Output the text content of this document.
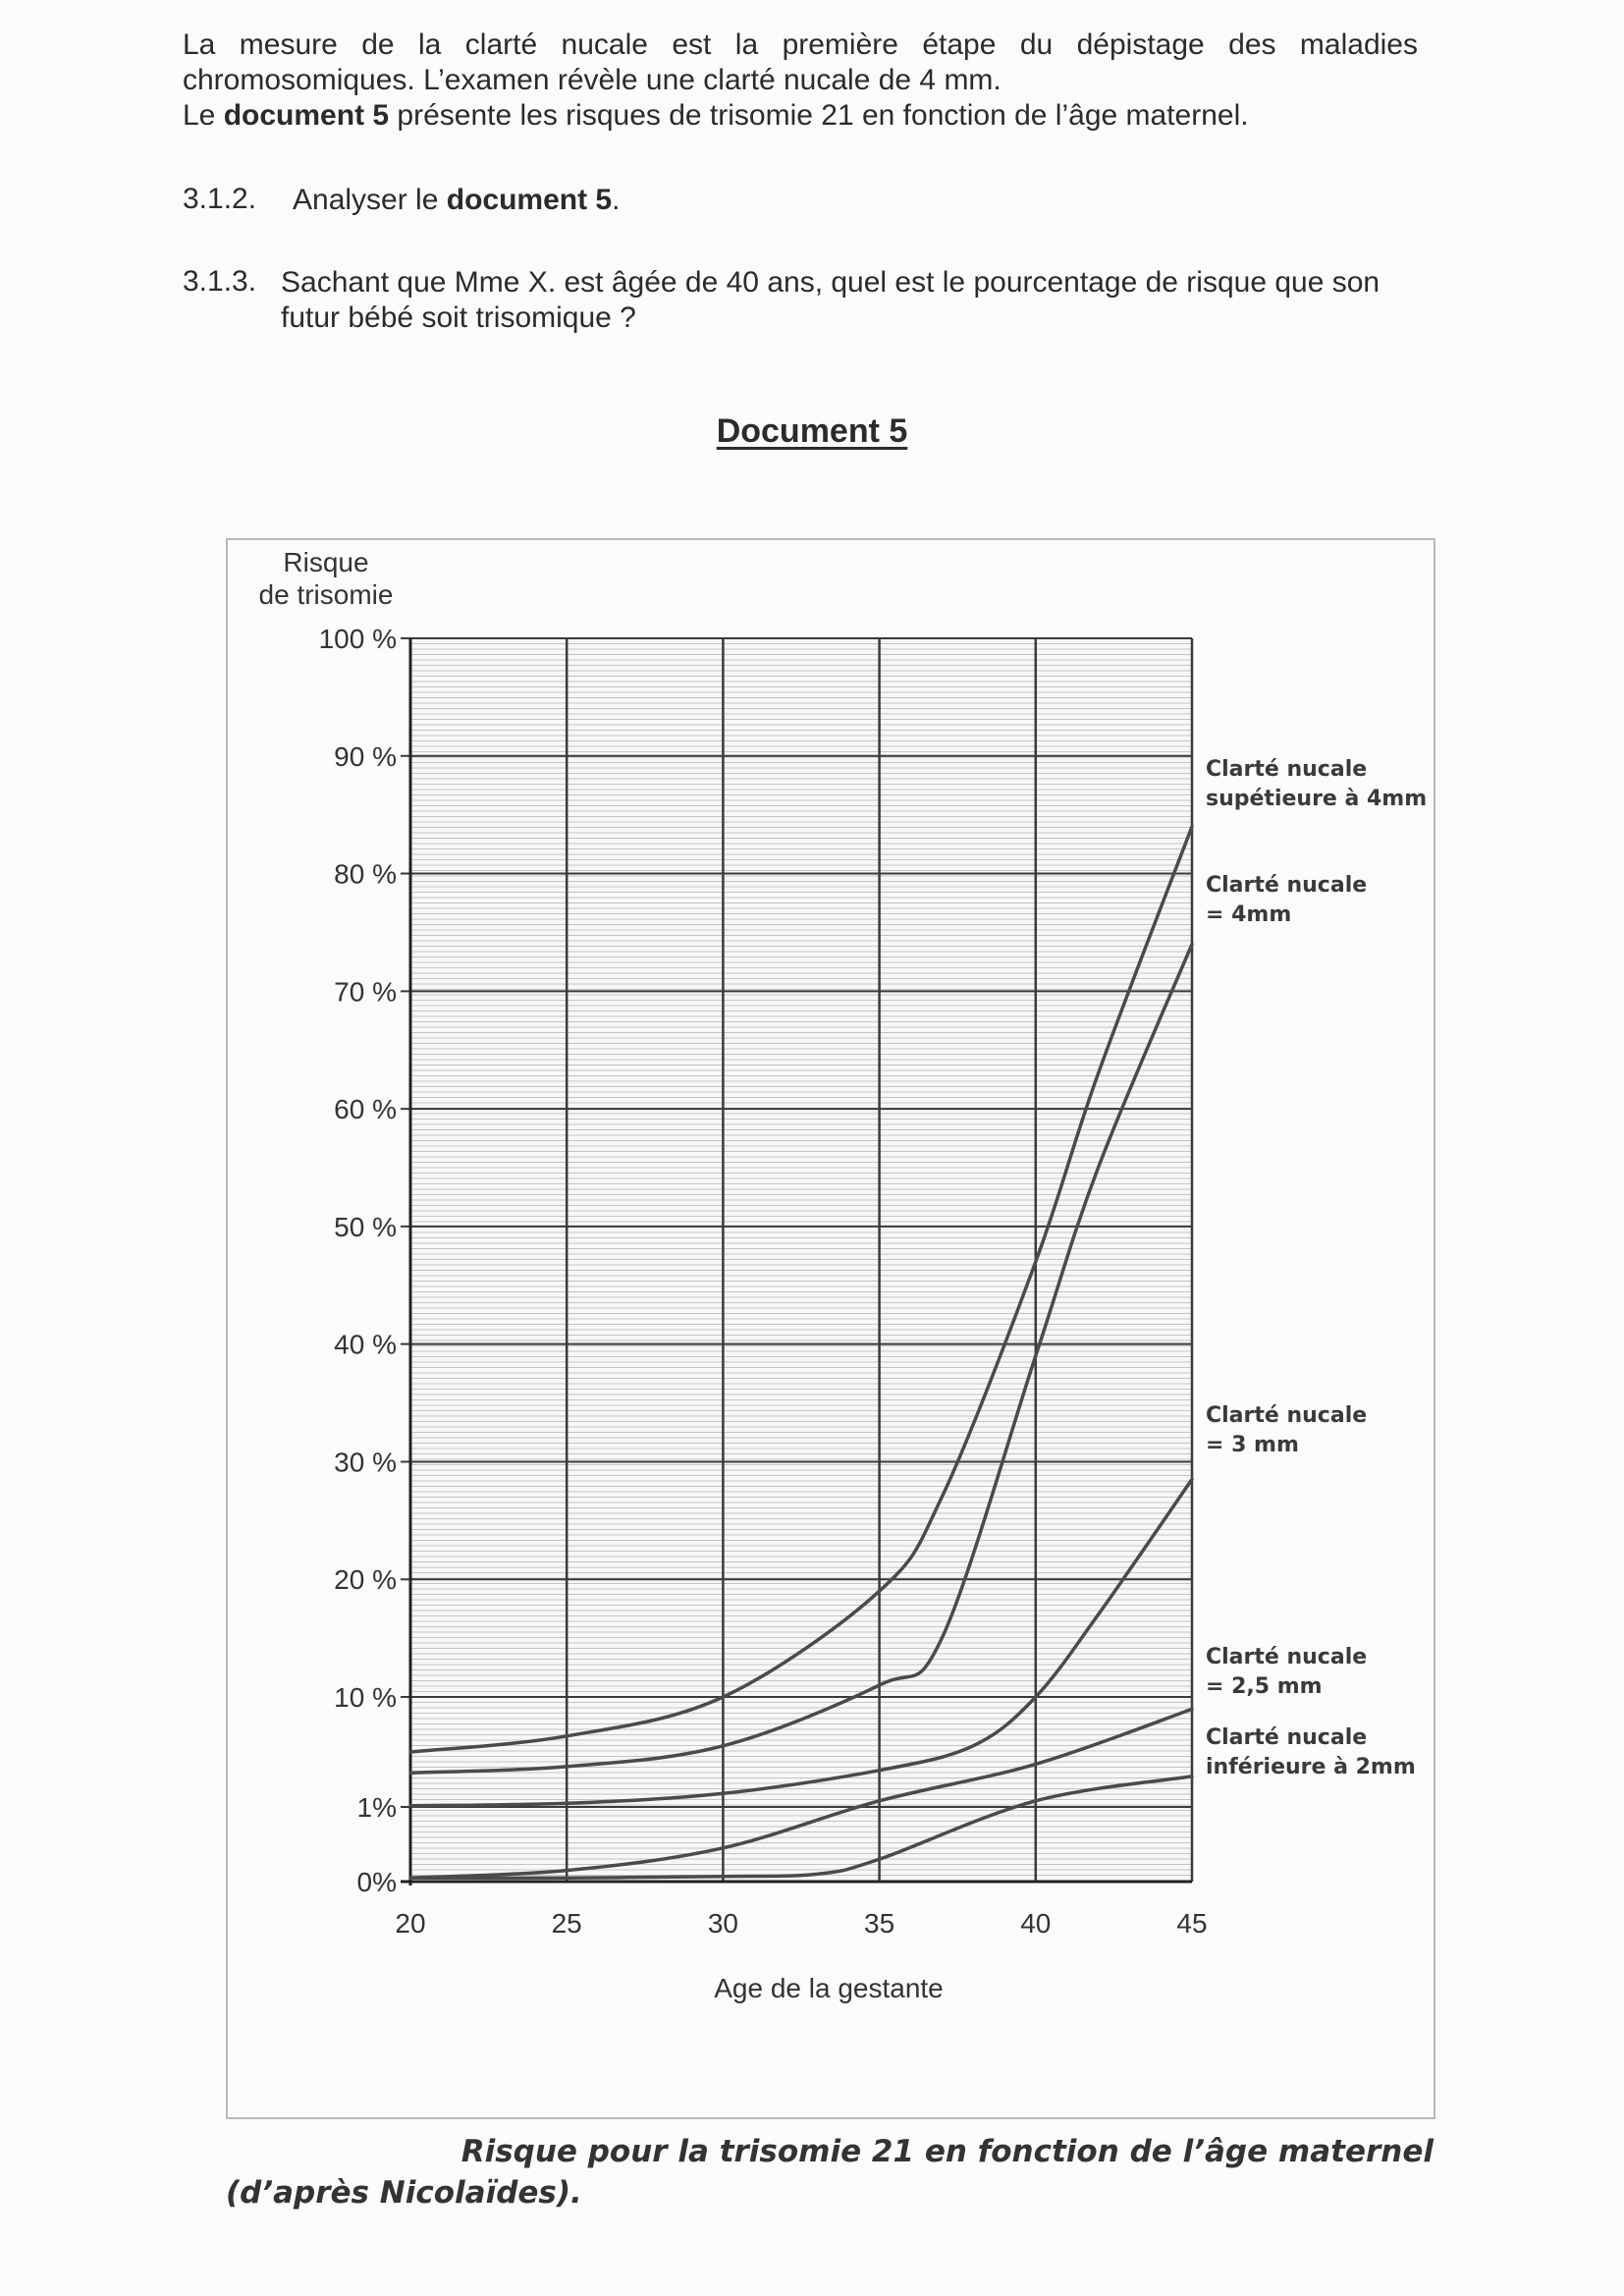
La mesure de la clarté nucale est la première étape du dépistage des maladies chromosomiques. L’examen révèle une clarté nucale de 4 mm.
Le document 5 présente les risques de trisomie 21 en fonction de l’âge maternel.

3.1.2. Analyser le document 5.

3.1.3. Sachant que Mme X. est âgée de 40 ans, quel est le pourcentage de risque que son futur bébé soit trisomique ?

Document 5
0%
1%
10 %
20 %
30 %
40 %
50 %
60 %
70 %
80 %
90 %
100 %
20	25	30	35	40	45
Risque
de trisomie
Age de la gestante
Clarté nucale
supétieure à 4mm
Clarté nucale
= 4mm
Clarté nucale
= 3 mm
Clarté nucale
= 2,5 mm
Clarté nucale
inférieure à 2mm

Risque pour la trisomie 21 en fonction de l’âge maternel
(d’après Nicolaïdes).
